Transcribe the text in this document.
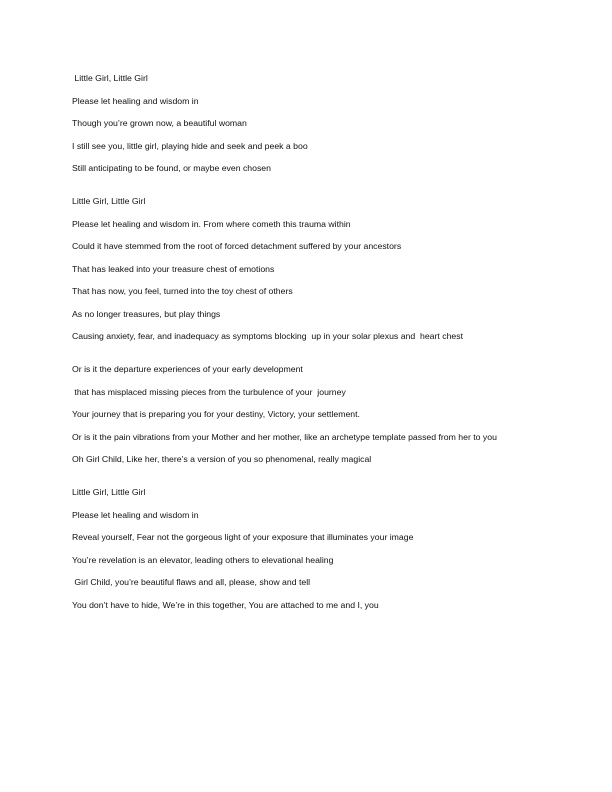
Little Girl, Little Girl
Please let healing and wisdom in
Though you’re grown now, a beautiful woman
I still see you, little girl, playing hide and seek and peek a boo
Still anticipating to be found, or maybe even chosen
Little Girl, Little Girl
Please let healing and wisdom in. From where cometh this trauma within
Could it have stemmed from the root of forced detachment suffered by your ancestors
That has leaked into your treasure chest of emotions
That has now, you feel, turned into the toy chest of others
As no longer treasures, but play things
Causing anxiety, fear, and inadequacy as symptoms blocking  up in your solar plexus and  heart chest
Or is it the departure experiences of your early development
that has misplaced missing pieces from the turbulence of your  journey
Your journey that is preparing you for your destiny, Victory, your settlement.
Or is it the pain vibrations from your Mother and her mother, like an archetype template passed from her to you
Oh Girl Child, Like her, there’s a version of you so phenomenal, really magical
Little Girl, Little Girl
Please let healing and wisdom in
Reveal yourself, Fear not the gorgeous light of your exposure that illuminates your image
You’re revelation is an elevator, leading others to elevational healing
Girl Child, you’re beautiful flaws and all, please, show and tell
You don’t have to hide, We’re in this together, You are attached to me and I, you
